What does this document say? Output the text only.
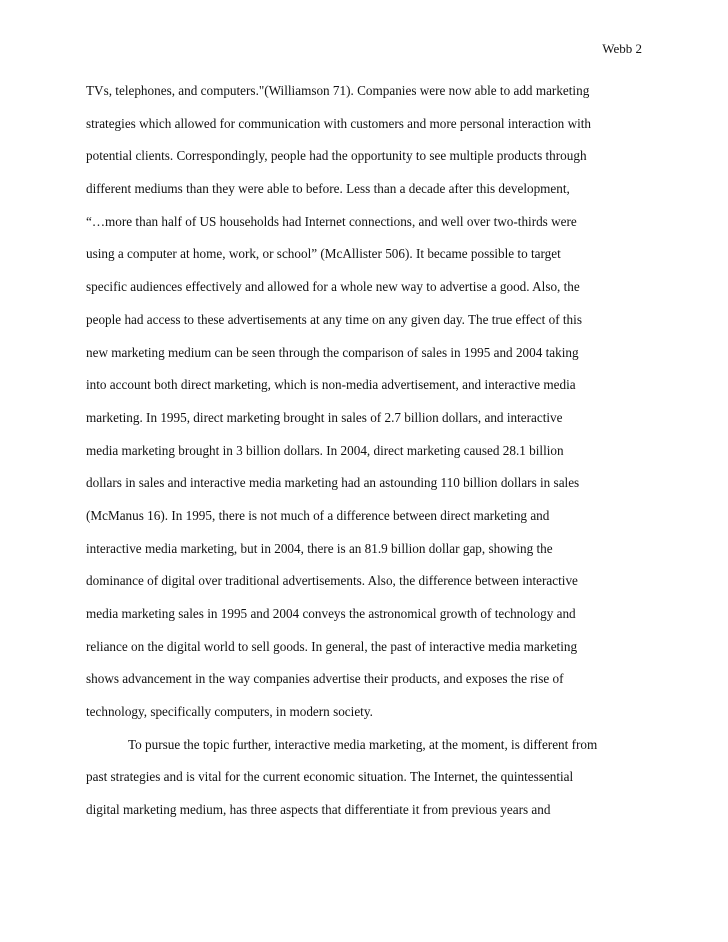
Webb 2
TVs, telephones, and computers."(Williamson 71). Companies were now able to add marketing
strategies which allowed for communication with customers and more personal interaction with
potential clients. Correspondingly, people had the opportunity to see multiple products through
different mediums than they were able to before. Less than a decade after this development,
“…more than half of US households had Internet connections, and well over two-thirds were
using a computer at home, work, or school” (McAllister 506). It became possible to target
specific audiences effectively and allowed for a whole new way to advertise a good. Also, the
people had access to these advertisements at any time on any given day. The true effect of this
new marketing medium can be seen through the comparison of sales in 1995 and 2004 taking
into account both direct marketing, which is non-media advertisement, and interactive media
marketing. In 1995, direct marketing brought in sales of 2.7 billion dollars, and interactive
media marketing brought in 3 billion dollars. In 2004, direct marketing caused 28.1 billion
dollars in sales and interactive media marketing had an astounding 110 billion dollars in sales
(McManus 16). In 1995, there is not much of a difference between direct marketing and
interactive media marketing, but in 2004, there is an 81.9 billion dollar gap, showing the
dominance of digital over traditional advertisements. Also, the difference between interactive
media marketing sales in 1995 and 2004 conveys the astronomical growth of technology and
reliance on the digital world to sell goods. In general, the past of interactive media marketing
shows advancement in the way companies advertise their products, and exposes the rise of
technology, specifically computers, in modern society.
To pursue the topic further, interactive media marketing, at the moment, is different from
past strategies and is vital for the current economic situation. The Internet, the quintessential
digital marketing medium, has three aspects that differentiate it from previous years and
